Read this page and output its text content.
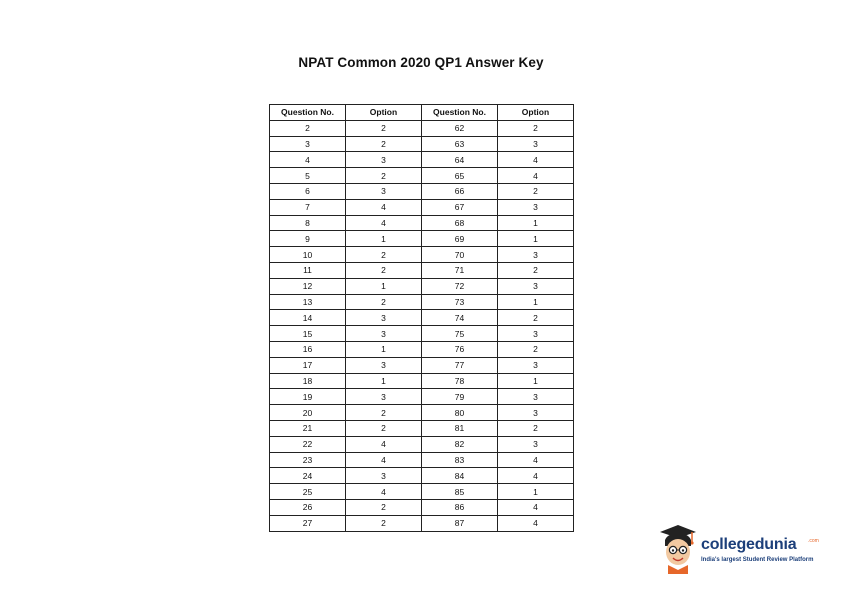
NPAT Common 2020 QP1 Answer Key
Question No.	Option	Question No.	Option
2	2	62	2
3	2	63	3
4	3	64	4
5	2	65	4
6	3	66	2
7	4	67	3
8	4	68	1
9	1	69	1
10	2	70	3
11	2	71	2
12	1	72	3
13	2	73	1
14	3	74	2
15	3	75	3
16	1	76	2
17	3	77	3
18	1	78	1
19	3	79	3
20	2	80	3
21	2	81	2
22	4	82	3
23	4	83	4
24	3	84	4
25	4	85	1
26	2	86	4
27	2	87	4
collegedunia .com
India's largest Student Review Platform
